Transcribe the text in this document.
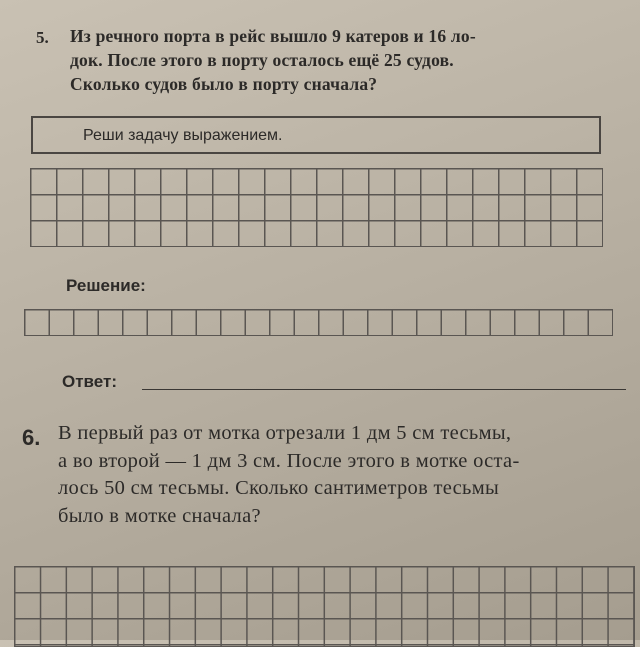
5. Из речного порта в рейс вышло 9 катеров и 16 ло-
док. После этого в порту осталось ещё 25 судов.
Сколько судов было в порту сначала?
Реши задачу выражением.
Решение:
Ответ:
6. В первый раз от мотка отрезали 1 дм 5 см тесьмы,
а во второй — 1 дм 3 см. После этого в мотке оста-
лось 50 см тесьмы. Сколько сантиметров тесьмы
было в мотке сначала?
